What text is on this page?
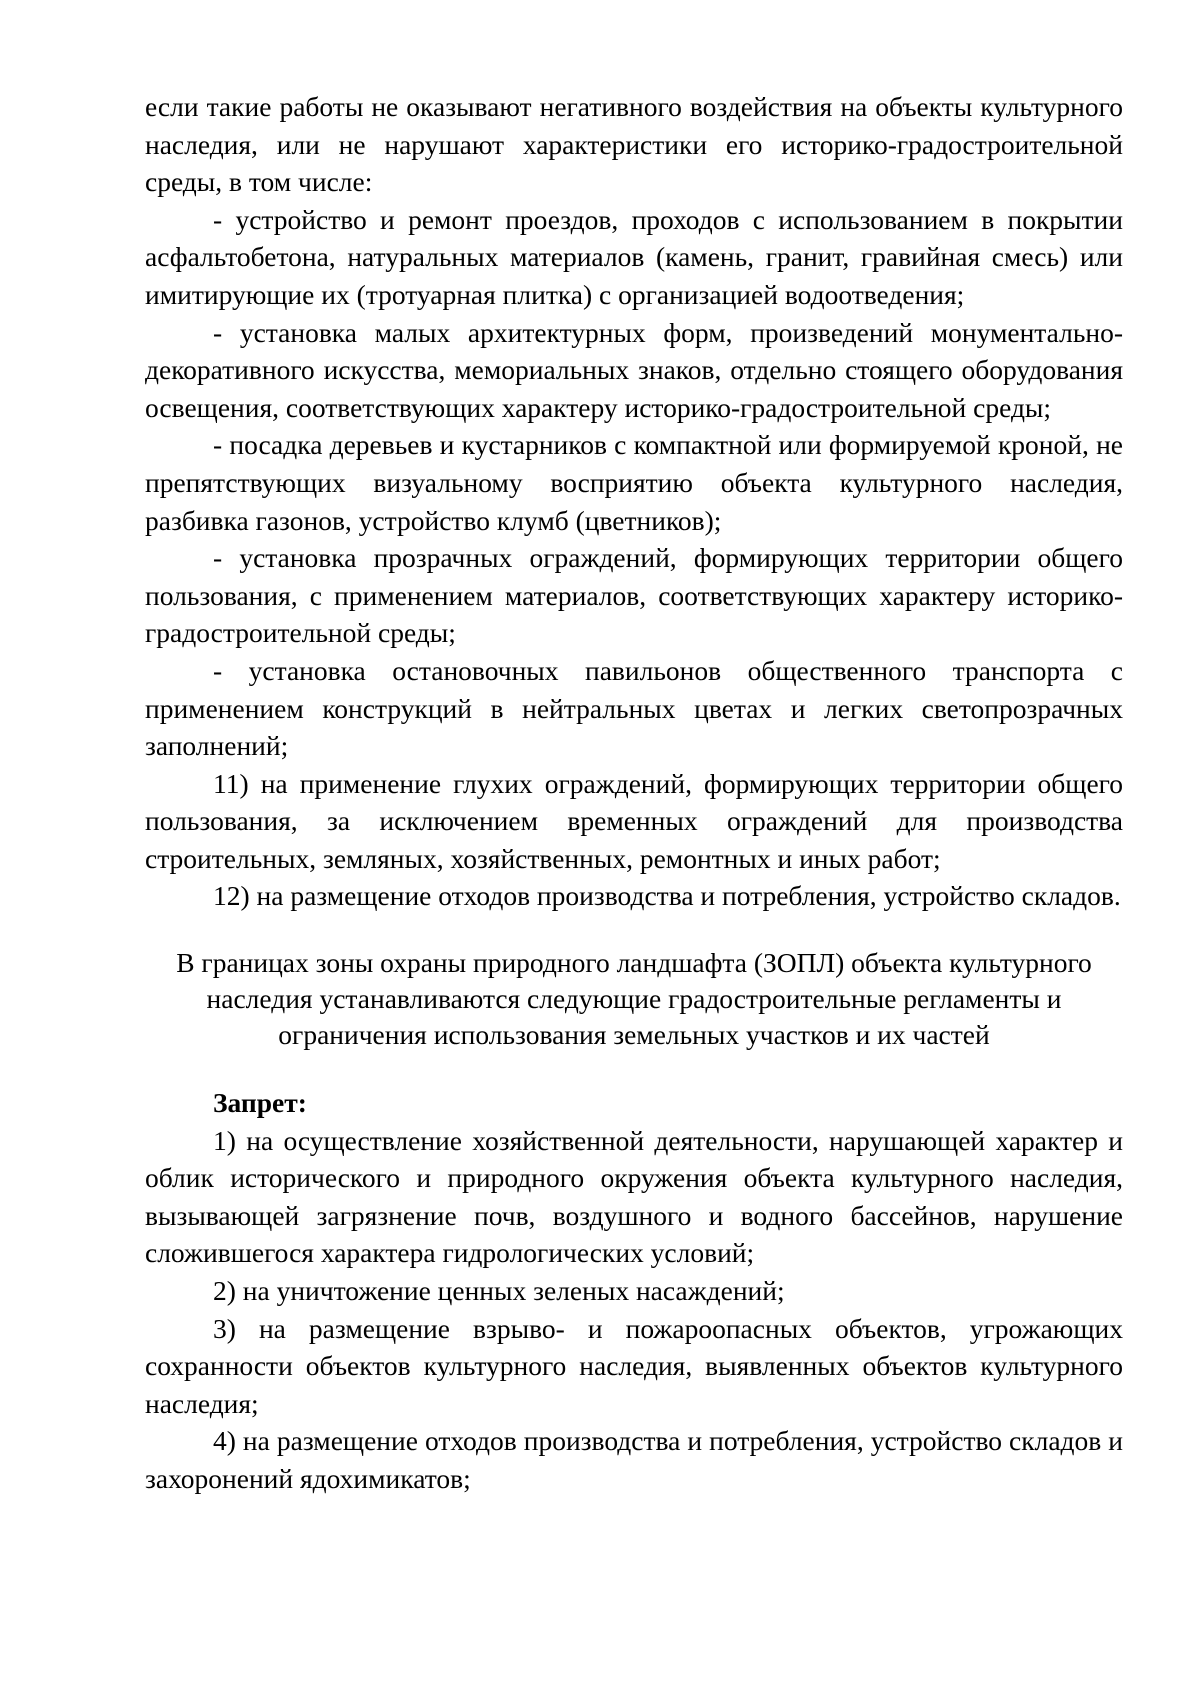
если такие работы не оказывают негативного воздействия на объекты культурного наследия, или не нарушают характеристики его историко-градостроительной среды, в том числе:

- устройство и ремонт проездов, проходов с использованием в покрытии асфальтобетона, натуральных материалов (камень, гранит, гравийная смесь) или имитирующие их (тротуарная плитка) с организацией водоотведения;

- установка малых архитектурных форм, произведений монументально-декоративного искусства, мемориальных знаков, отдельно стоящего оборудования освещения, соответствующих характеру историко-градостроительной среды;

- посадка деревьев и кустарников с компактной или формируемой кроной, не препятствующих визуальному восприятию объекта культурного наследия, разбивка газонов, устройство клумб (цветников);

- установка прозрачных ограждений, формирующих территории общего пользования, с применением материалов, соответствующих характеру историко-градостроительной среды;

- установка остановочных павильонов общественного транспорта с применением конструкций в нейтральных цветах и легких светопрозрачных заполнений;

11) на применение глухих ограждений, формирующих территории общего пользования, за исключением временных ограждений для производства строительных, земляных, хозяйственных, ремонтных и иных работ;

12) на размещение отходов производства и потребления, устройство складов.

В границах зоны охраны природного ландшафта (ЗОПЛ) объекта культурного
наследия устанавливаются следующие градостроительные регламенты и
ограничения использования земельных участков и их частей

Запрет:

1) на осуществление хозяйственной деятельности, нарушающей характер и облик исторического и природного окружения объекта культурного наследия, вызывающей загрязнение почв, воздушного и водного бассейнов, нарушение сложившегося характера гидрологических условий;

2) на уничтожение ценных зеленых насаждений;

3) на размещение взрыво- и пожароопасных объектов, угрожающих сохранности объектов культурного наследия, выявленных объектов культурного наследия;

4) на размещение отходов производства и потребления, устройство складов и захоронений ядохимикатов;
